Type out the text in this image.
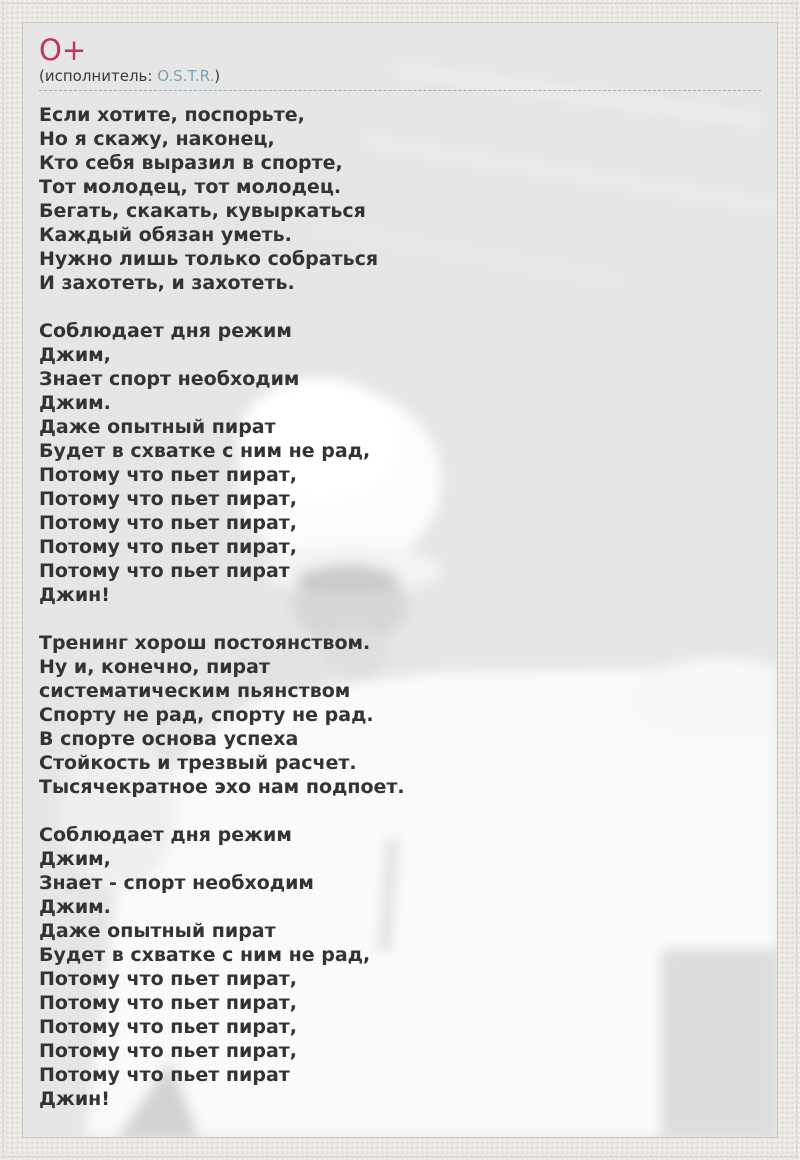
О+
(исполнитель: O.S.T.R.)

Если хотите, поспорьте,
Но я скажу, наконец,
Кто себя выразил в спорте,
Тот молодец, тот молодец.
Бегать, скакать, кувыркаться
Каждый обязан уметь.
Нужно лишь только собраться
И захотеть, и захотеть.

Соблюдает дня режим
Джим,
Знает спорт необходим
Джим.
Даже опытный пират
Будет в схватке с ним не рад,
Потому что пьет пират,
Потому что пьет пират,
Потому что пьет пират,
Потому что пьет пират,
Потому что пьет пират
Джин!

Тренинг хорош постоянством.
Ну и, конечно, пират
систематическим пьянством
Спорту не рад, спорту не рад.
В спорте основа успеха
Стойкость и трезвый расчет.
Тысячекратное эхо нам подпоет.

Соблюдает дня режим
Джим,
Знает - спорт необходим
Джим.
Даже опытный пират
Будет в схватке с ним не рад,
Потому что пьет пират,
Потому что пьет пират,
Потому что пьет пират,
Потому что пьет пират,
Потому что пьет пират
Джин!
